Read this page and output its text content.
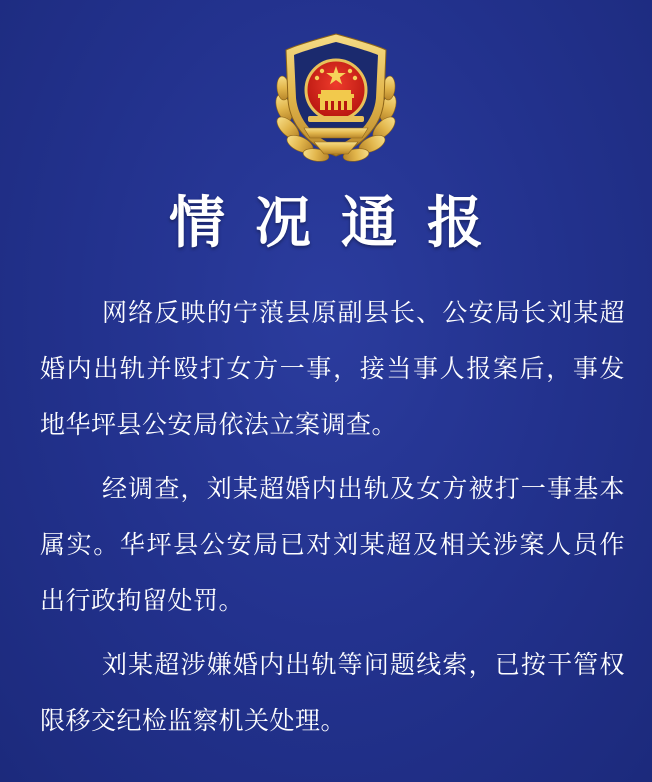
情况通报

网络反映的宁蒗县原副县长、公安局长刘某超婚内出轨并殴打女方一事，接当事人报案后，事发地华坪县公安局依法立案调查。

经调查，刘某超婚内出轨及女方被打一事基本属实。华坪县公安局已对刘某超及相关涉案人员作出行政拘留处罚。

刘某超涉嫌婚内出轨等问题线索，已按干管权限移交纪检监察机关处理。
